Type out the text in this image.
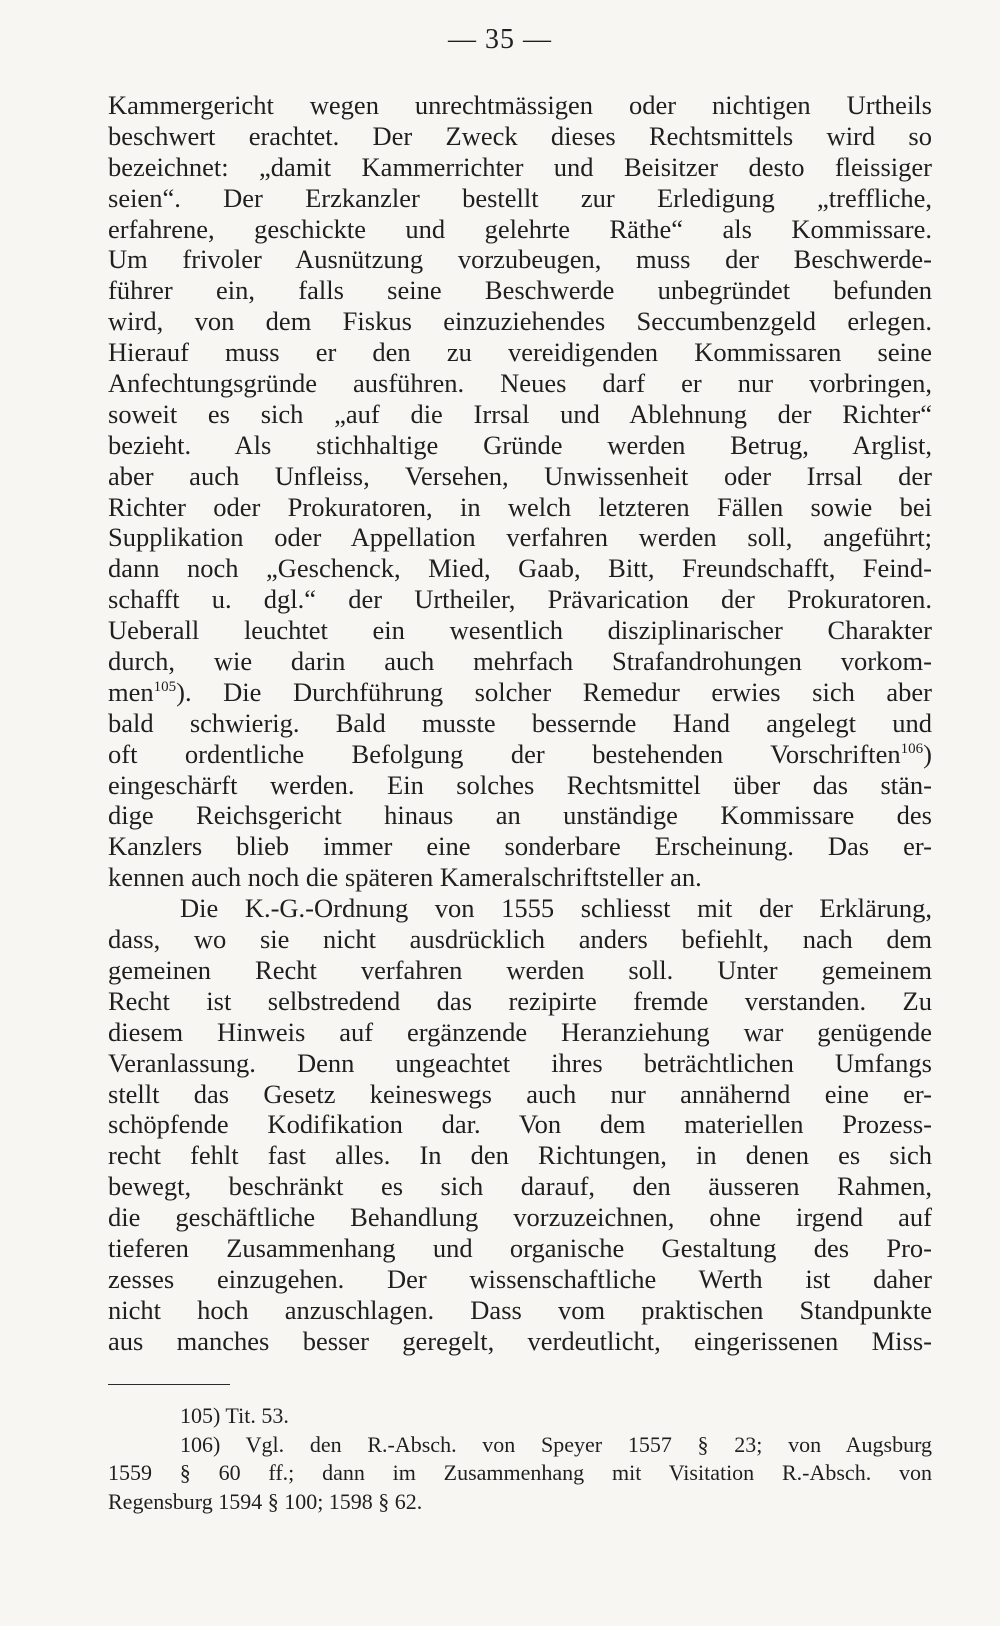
— 35 —
Kammergericht wegen unrechtmässigen oder nichtigen Urtheils
beschwert erachtet. Der Zweck dieses Rechtsmittels wird so
bezeichnet: „damit Kammerrichter und Beisitzer desto fleissiger
seien“. Der Erzkanzler bestellt zur Erledigung „treffliche,
erfahrene, geschickte und gelehrte Räthe“ als Kommissare.
Um frivoler Ausnützung vorzubeugen, muss der Beschwerde-
führer ein, falls seine Beschwerde unbegründet befunden
wird, von dem Fiskus einzuziehendes Seccumbenzgeld erlegen.
Hierauf muss er den zu vereidigenden Kommissaren seine
Anfechtungsgründe ausführen. Neues darf er nur vorbringen,
soweit es sich „auf die Irrsal und Ablehnung der Richter“
bezieht. Als stichhaltige Gründe werden Betrug, Arglist,
aber auch Unfleiss, Versehen, Unwissenheit oder Irrsal der
Richter oder Prokuratoren, in welch letzteren Fällen sowie bei
Supplikation oder Appellation verfahren werden soll, angeführt;
dann noch „Geschenck, Mied, Gaab, Bitt, Freundschafft, Feind-
schafft u. dgl.“ der Urtheiler, Prävarication der Prokuratoren.
Ueberall leuchtet ein wesentlich disziplinarischer Charakter
durch, wie darin auch mehrfach Strafandrohungen vorkom-
men$^{105}$). Die Durchführung solcher Remedur erwies sich aber
bald schwierig. Bald musste bessernde Hand angelegt und
oft ordentliche Befolgung der bestehenden Vorschriften$^{106}$)
eingeschärft werden. Ein solches Rechtsmittel über das stän-
dige Reichsgericht hinaus an unständige Kommissare des
Kanzlers blieb immer eine sonderbare Erscheinung. Das er-
kennen auch noch die späteren Kameralschriftsteller an.
Die K.-G.-Ordnung von 1555 schliesst mit der Erklärung,
dass, wo sie nicht ausdrücklich anders befiehlt, nach dem
gemeinen Recht verfahren werden soll. Unter gemeinem
Recht ist selbstredend das rezipirte fremde verstanden. Zu
diesem Hinweis auf ergänzende Heranziehung war genügende
Veranlassung. Denn ungeachtet ihres beträchtlichen Umfangs
stellt das Gesetz keineswegs auch nur annähernd eine er-
schöpfende Kodifikation dar. Von dem materiellen Prozess-
recht fehlt fast alles. In den Richtungen, in denen es sich
bewegt, beschränkt es sich darauf, den äusseren Rahmen,
die geschäftliche Behandlung vorzuzeichnen, ohne irgend auf
tieferen Zusammenhang und organische Gestaltung des Pro-
zesses einzugehen. Der wissenschaftliche Werth ist daher
nicht hoch anzuschlagen. Dass vom praktischen Standpunkte
aus manches besser geregelt, verdeutlicht, eingerissenen Miss-
105) Tit. 53.
106) Vgl. den R.-Absch. von Speyer 1557 § 23; von Augsburg
1559 § 60 ff.; dann im Zusammenhang mit Visitation R.-Absch. von
Regensburg 1594 § 100; 1598 § 62.
